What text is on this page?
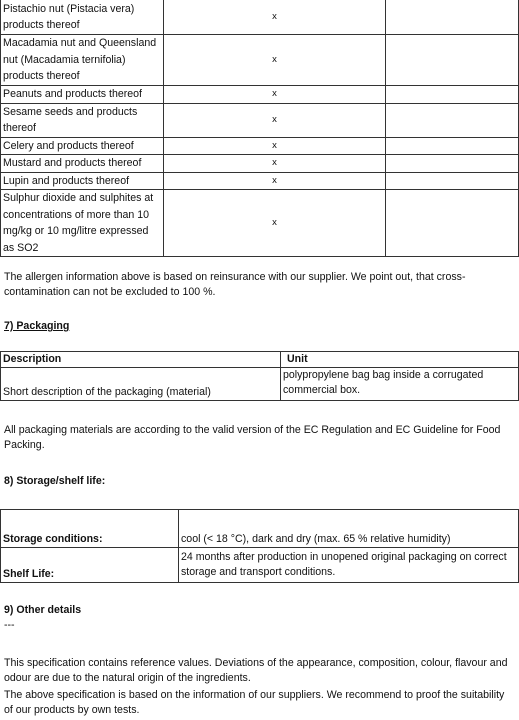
Pistachio nut (Pistacia vera) products thereof	x	
Macadamia nut and Queensland nut (Macadamia ternifolia) products thereof	x	
Peanuts and products thereof	x	
Sesame seeds and products thereof	x	
Celery and products thereof	x	
Mustard and products thereof	x	
Lupin and products thereof	x	
Sulphur dioxide and sulphites at concentrations of more than 10 mg/kg or 10 mg/litre expressed as SO2	x	

The allergen information above is based on reinsurance with our supplier. We point out, that cross-contamination can not be excluded to 100 %.

7) Packaging

Description	Unit
Short description of the packaging (material)	polypropylene bag bag inside a corrugated commercial box.

All packaging materials are according to the valid version of the EC Regulation and EC Guideline for Food Packing.

8) Storage/shelf life:

Storage conditions:	cool (< 18 °C), dark and dry (max. 65 % relative humidity)
Shelf Life:	24 months after production in unopened original packaging on correct storage and transport conditions.

9) Other details

---

This specification contains reference values. Deviations of the appearance, composition, colour, flavour and odour are due to the natural origin of the ingredients.

The above specification is based on the information of our suppliers. We recommend to proof the suitability of our products by own tests.
